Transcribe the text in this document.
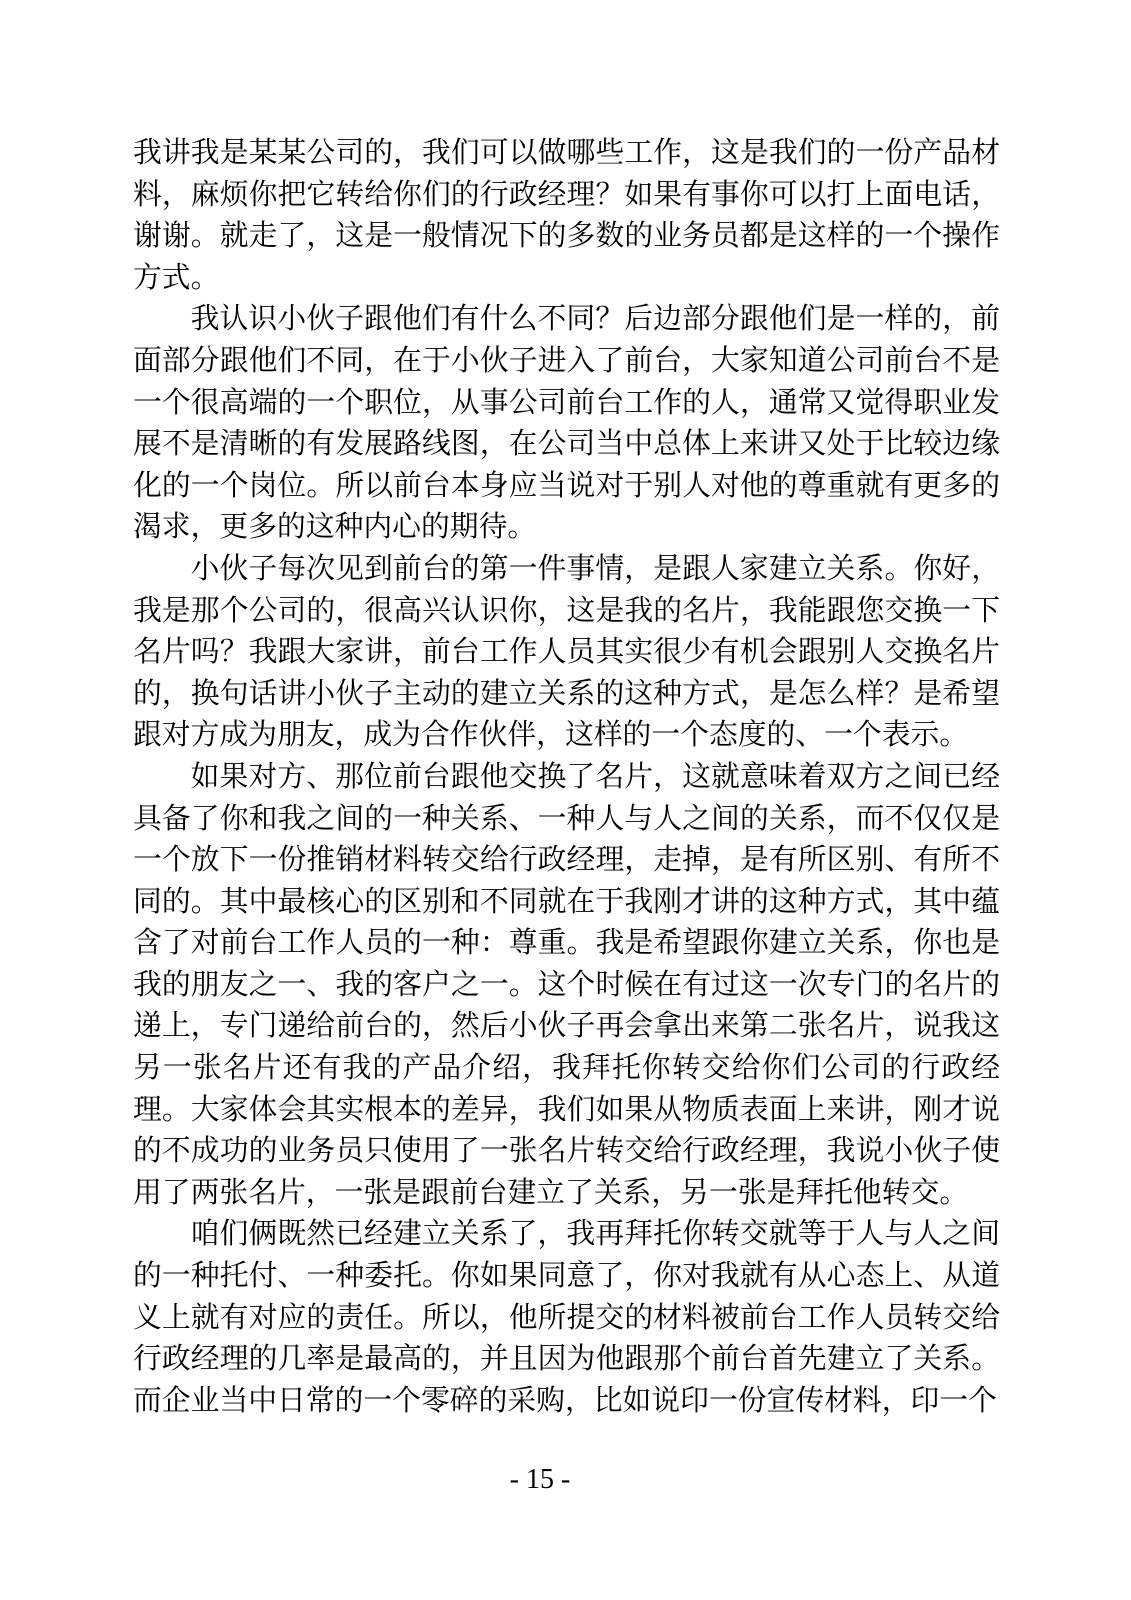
我讲我是某某公司的，我们可以做哪些工作，这是我们的一份产品材料，麻烦你把它转给你们的行政经理？如果有事你可以打上面电话，谢谢。就走了，这是一般情况下的多数的业务员都是这样的一个操作方式。

我认识小伙子跟他们有什么不同？后边部分跟他们是一样的，前面部分跟他们不同，在于小伙子进入了前台，大家知道公司前台不是一个很高端的一个职位，从事公司前台工作的人，通常又觉得职业发展不是清晰的有发展路线图，在公司当中总体上来讲又处于比较边缘化的一个岗位。所以前台本身应当说对于别人对他的尊重就有更多的渴求，更多的这种内心的期待。

小伙子每次见到前台的第一件事情，是跟人家建立关系。你好，我是那个公司的，很高兴认识你，这是我的名片，我能跟您交换一下名片吗？我跟大家讲，前台工作人员其实很少有机会跟别人交换名片的，换句话讲小伙子主动的建立关系的这种方式，是怎么样？是希望跟对方成为朋友，成为合作伙伴，这样的一个态度的、一个表示。

如果对方、那位前台跟他交换了名片，这就意味着双方之间已经具备了你和我之间的一种关系、一种人与人之间的关系，而不仅仅是一个放下一份推销材料转交给行政经理，走掉，是有所区别、有所不同的。其中最核心的区别和不同就在于我刚才讲的这种方式，其中蕴含了对前台工作人员的一种：尊重。我是希望跟你建立关系，你也是我的朋友之一、我的客户之一。这个时候在有过这一次专门的名片的递上，专门递给前台的，然后小伙子再会拿出来第二张名片，说我这另一张名片还有我的产品介绍，我拜托你转交给你们公司的行政经理。大家体会其实根本的差异，我们如果从物质表面上来讲，刚才说的不成功的业务员只使用了一张名片转交给行政经理，我说小伙子使用了两张名片，一张是跟前台建立了关系，另一张是拜托他转交。

咱们俩既然已经建立关系了，我再拜托你转交就等于人与人之间的一种托付、一种委托。你如果同意了，你对我就有从心态上、从道义上就有对应的责任。所以，他所提交的材料被前台工作人员转交给行政经理的几率是最高的，并且因为他跟那个前台首先建立了关系。而企业当中日常的一个零碎的采购，比如说印一份宣传材料，印一个

- 15 -
